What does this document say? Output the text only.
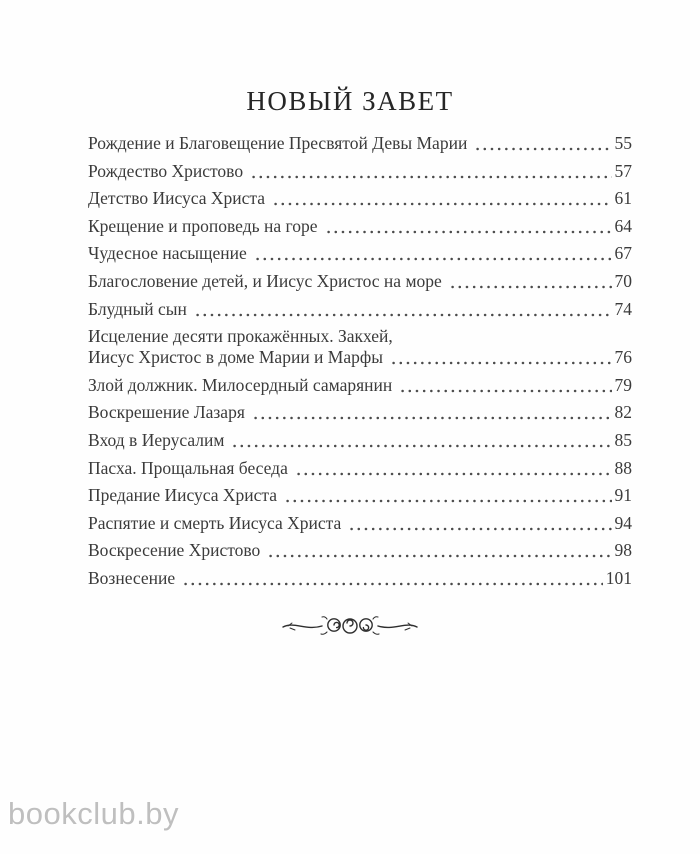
НОВЫЙ ЗАВЕТ
Рождение и Благовещение Пресвятой Девы Марии	55
Рождество Христово	57
Детство Иисуса Христа	61
Крещение и проповедь на горе	64
Чудесное насыщение	67
Благословение детей, и Иисус Христос на море	70
Блудный сын	74
Исцеление десяти прокажённых. Закхей,
Иисус Христос в доме Марии и Марфы	76
Злой должник. Милосердный самарянин	79
Воскрешение Лазаря	82
Вход в Иерусалим	85
Пасха. Прощальная беседа	88
Предание Иисуса Христа	91
Распятие и смерть Иисуса Христа	94
Воскресение Христово	98
Вознесение	101
bookclub.by
